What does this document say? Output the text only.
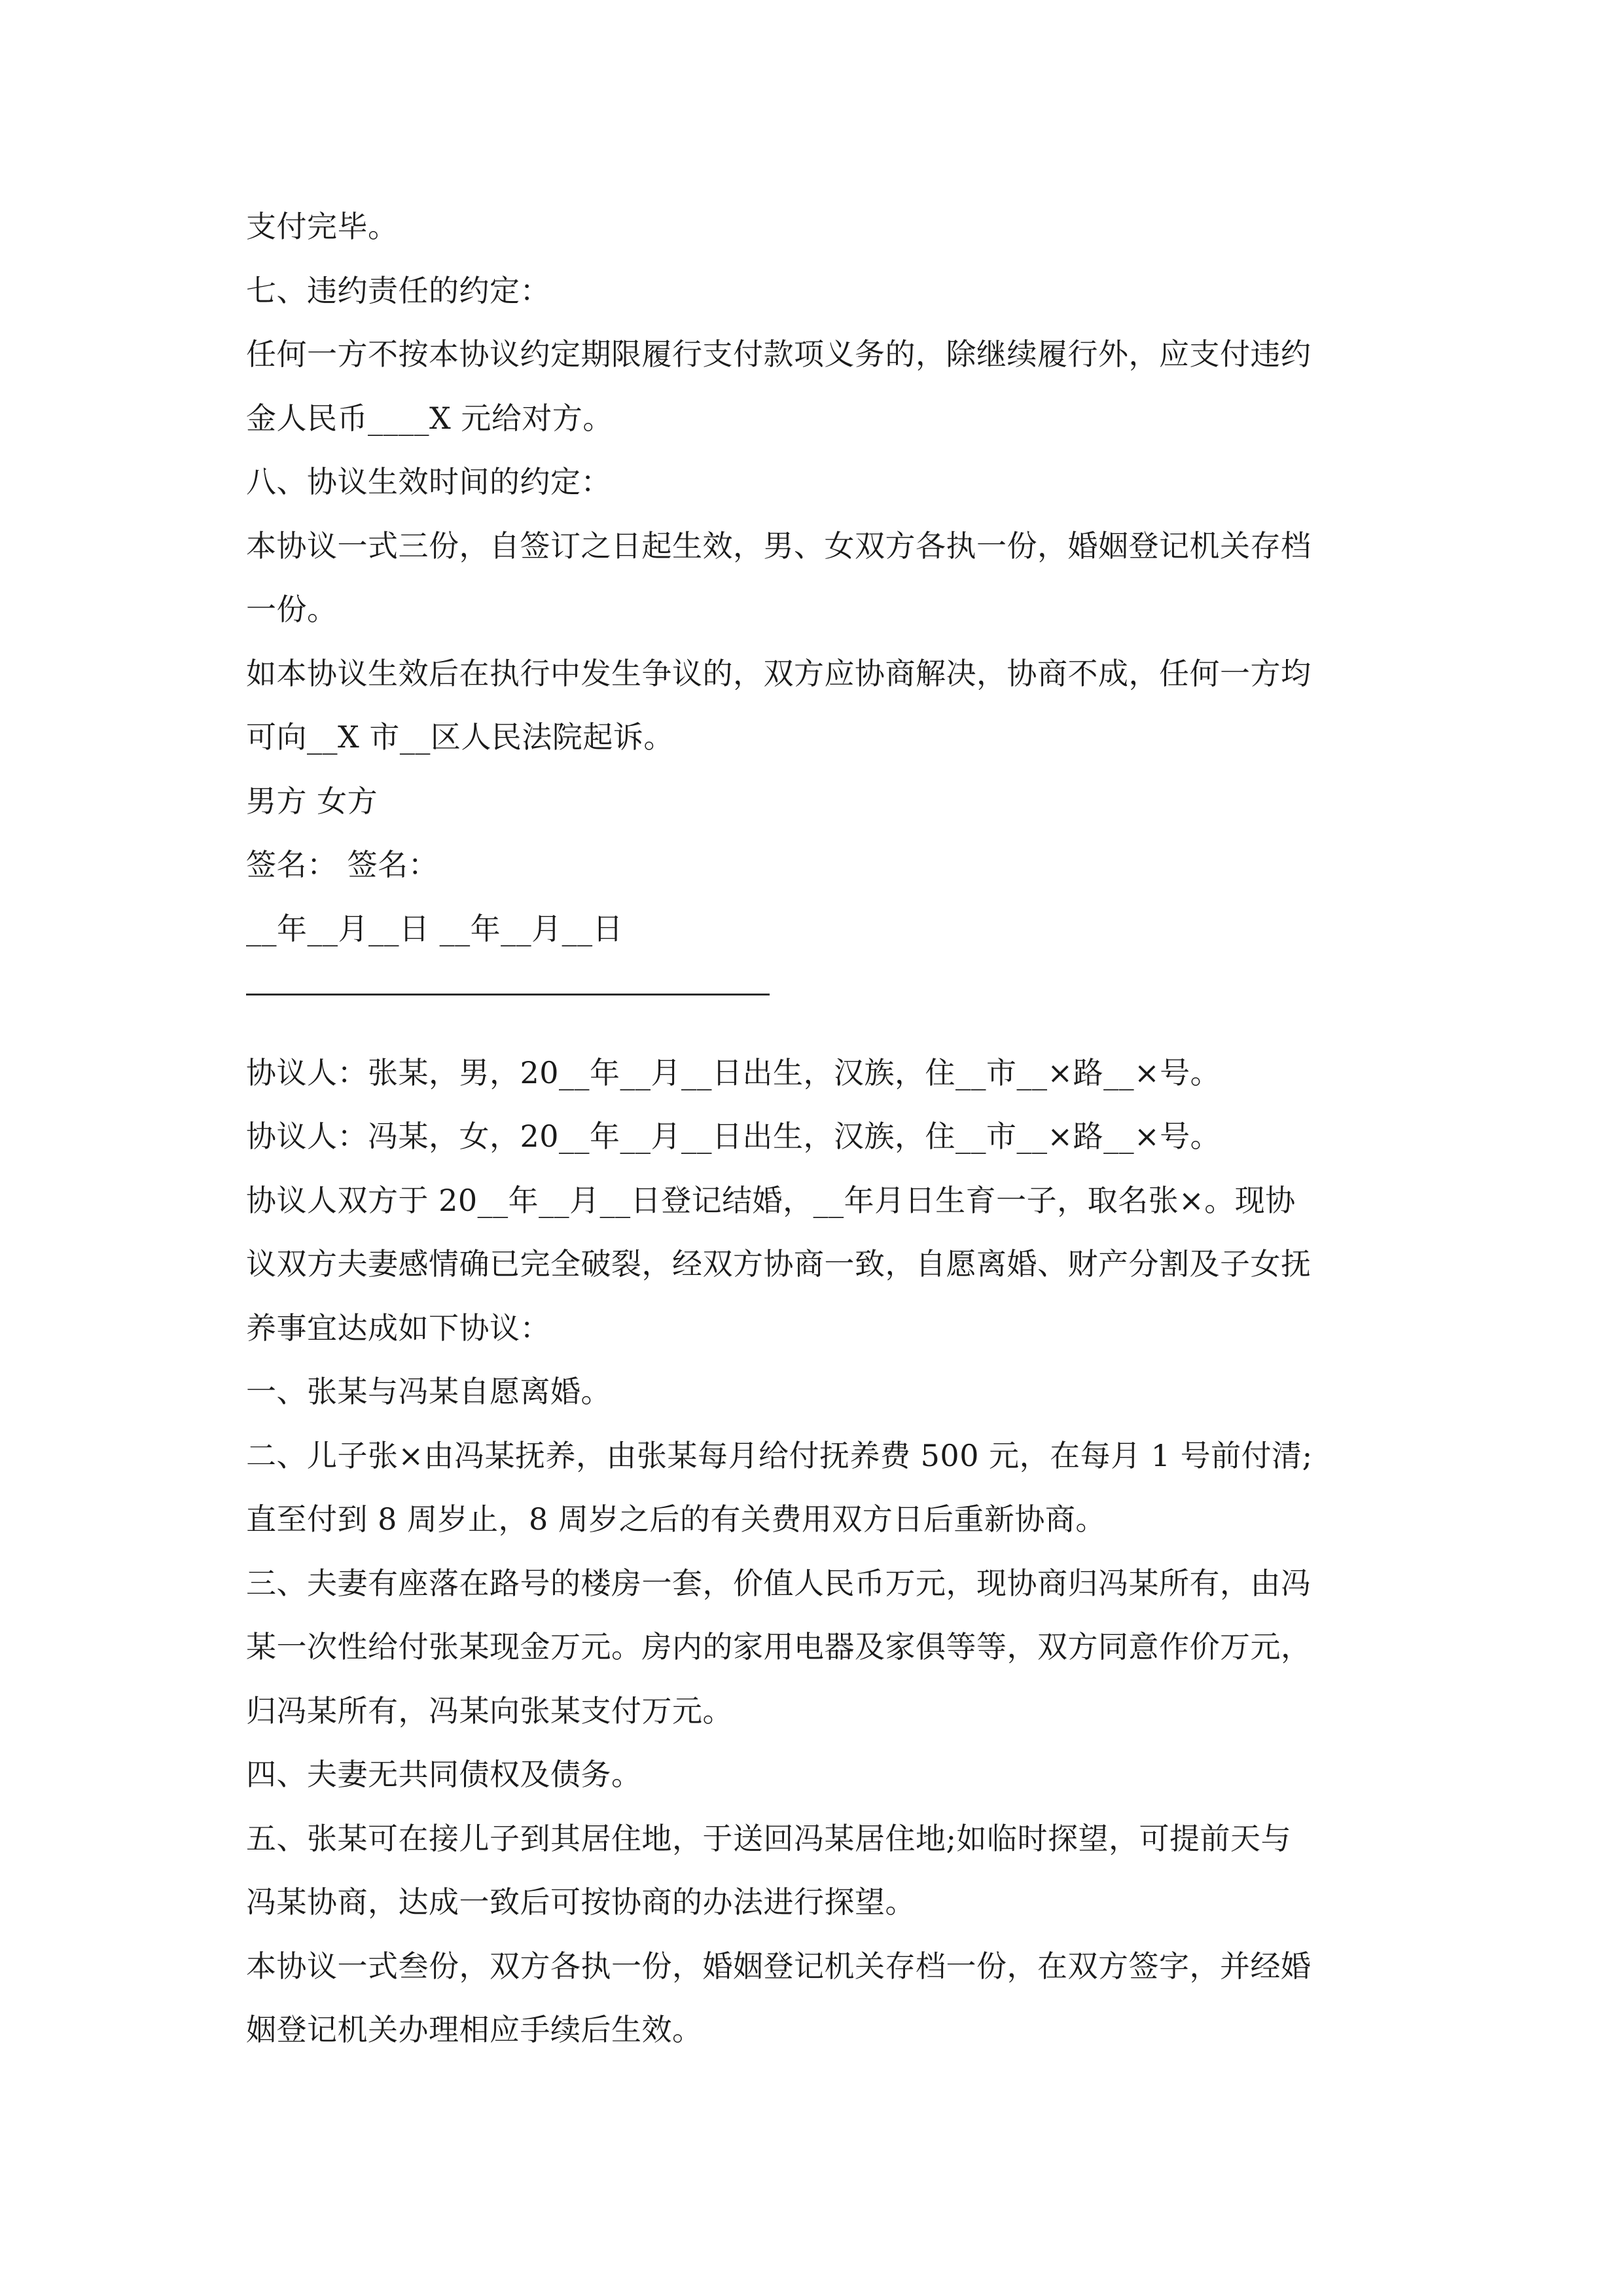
支付完毕。
七、违约责任的约定：
任何一方不按本协议约定期限履行支付款项义务的，除继续履行外，应支付违约
金人民币____X 元给对方。
八、协议生效时间的约定：
本协议一式三份，自签订之日起生效，男、女双方各执一份，婚姻登记机关存档
一份。
如本协议生效后在执行中发生争议的，双方应协商解决，协商不成，任何一方均
可向__X 市__区人民法院起诉。
男方 女方
签名： 签名：
__年__月__日 __年__月__日
协议人：张某，男，20__年__月__日出生，汉族，住__市__×路__×号。
协议人：冯某，女，20__年__月__日出生，汉族，住__市__×路__×号。
协议人双方于 20__年__月__日登记结婚，__年月日生育一子，取名张×。现协
议双方夫妻感情确已完全破裂，经双方协商一致，自愿离婚、财产分割及子女抚
养事宜达成如下协议：
一、张某与冯某自愿离婚。
二、儿子张×由冯某抚养，由张某每月给付抚养费 500 元，在每月 1 号前付清;
直至付到 8 周岁止，8 周岁之后的有关费用双方日后重新协商。
三、夫妻有座落在路号的楼房一套，价值人民币万元，现协商归冯某所有，由冯
某一次性给付张某现金万元。房内的家用电器及家俱等等，双方同意作价万元，
归冯某所有，冯某向张某支付万元。
四、夫妻无共同债权及债务。
五、张某可在接儿子到其居住地，于送回冯某居住地;如临时探望，可提前天与
冯某协商，达成一致后可按协商的办法进行探望。
本协议一式叁份，双方各执一份，婚姻登记机关存档一份，在双方签字，并经婚
姻登记机关办理相应手续后生效。
